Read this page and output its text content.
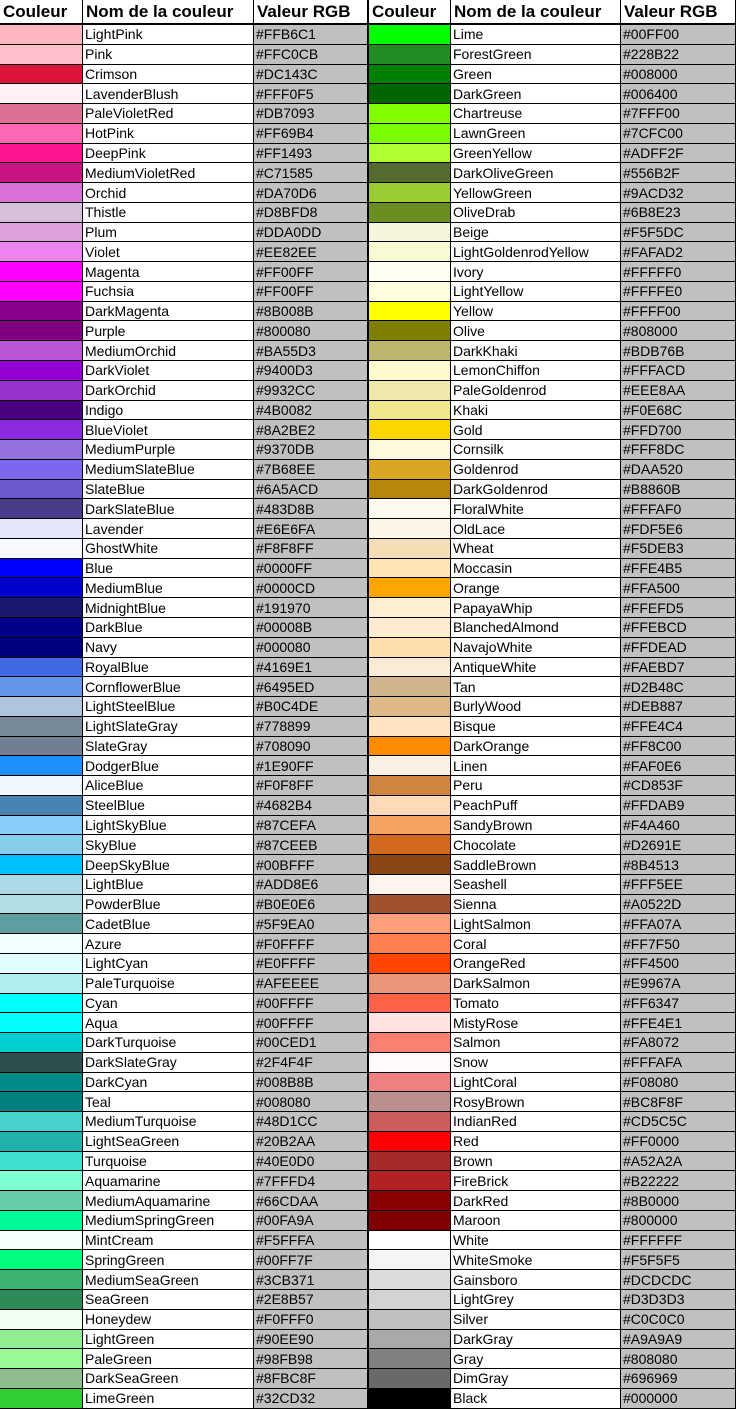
Couleur	Nom de la couleur	Valeur RGB	Couleur	Nom de la couleur	Valeur RGB
LightPink	#FFB6C1	Lime	#00FF00
Pink	#FFC0CB	ForestGreen	#228B22
Crimson	#DC143C	Green	#008000
LavenderBlush	#FFF0F5	DarkGreen	#006400
PaleVioletRed	#DB7093	Chartreuse	#7FFF00
HotPink	#FF69B4	LawnGreen	#7CFC00
DeepPink	#FF1493	GreenYellow	#ADFF2F
MediumVioletRed	#C71585	DarkOliveGreen	#556B2F
Orchid	#DA70D6	YellowGreen	#9ACD32
Thistle	#D8BFD8	OliveDrab	#6B8E23
Plum	#DDA0DD	Beige	#F5F5DC
Violet	#EE82EE	LightGoldenrodYellow	#FAFAD2
Magenta	#FF00FF	Ivory	#FFFFF0
Fuchsia	#FF00FF	LightYellow	#FFFFE0
DarkMagenta	#8B008B	Yellow	#FFFF00
Purple	#800080	Olive	#808000
MediumOrchid	#BA55D3	DarkKhaki	#BDB76B
DarkViolet	#9400D3	LemonChiffon	#FFFACD
DarkOrchid	#9932CC	PaleGoldenrod	#EEE8AA
Indigo	#4B0082	Khaki	#F0E68C
BlueViolet	#8A2BE2	Gold	#FFD700
MediumPurple	#9370DB	Cornsilk	#FFF8DC
MediumSlateBlue	#7B68EE	Goldenrod	#DAA520
SlateBlue	#6A5ACD	DarkGoldenrod	#B8860B
DarkSlateBlue	#483D8B	FloralWhite	#FFFAF0
Lavender	#E6E6FA	OldLace	#FDF5E6
GhostWhite	#F8F8FF	Wheat	#F5DEB3
Blue	#0000FF	Moccasin	#FFE4B5
MediumBlue	#0000CD	Orange	#FFA500
MidnightBlue	#191970	PapayaWhip	#FFEFD5
DarkBlue	#00008B	BlanchedAlmond	#FFEBCD
Navy	#000080	NavajoWhite	#FFDEAD
RoyalBlue	#4169E1	AntiqueWhite	#FAEBD7
CornflowerBlue	#6495ED	Tan	#D2B48C
LightSteelBlue	#B0C4DE	BurlyWood	#DEB887
LightSlateGray	#778899	Bisque	#FFE4C4
SlateGray	#708090	DarkOrange	#FF8C00
DodgerBlue	#1E90FF	Linen	#FAF0E6
AliceBlue	#F0F8FF	Peru	#CD853F
SteelBlue	#4682B4	PeachPuff	#FFDAB9
LightSkyBlue	#87CEFA	SandyBrown	#F4A460
SkyBlue	#87CEEB	Chocolate	#D2691E
DeepSkyBlue	#00BFFF	SaddleBrown	#8B4513
LightBlue	#ADD8E6	Seashell	#FFF5EE
PowderBlue	#B0E0E6	Sienna	#A0522D
CadetBlue	#5F9EA0	LightSalmon	#FFA07A
Azure	#F0FFFF	Coral	#FF7F50
LightCyan	#E0FFFF	OrangeRed	#FF4500
PaleTurquoise	#AFEEEE	DarkSalmon	#E9967A
Cyan	#00FFFF	Tomato	#FF6347
Aqua	#00FFFF	MistyRose	#FFE4E1
DarkTurquoise	#00CED1	Salmon	#FA8072
DarkSlateGray	#2F4F4F	Snow	#FFFAFA
DarkCyan	#008B8B	LightCoral	#F08080
Teal	#008080	RosyBrown	#BC8F8F
MediumTurquoise	#48D1CC	IndianRed	#CD5C5C
LightSeaGreen	#20B2AA	Red	#FF0000
Turquoise	#40E0D0	Brown	#A52A2A
Aquamarine	#7FFFD4	FireBrick	#B22222
MediumAquamarine	#66CDAA	DarkRed	#8B0000
MediumSpringGreen	#00FA9A	Maroon	#800000
MintCream	#F5FFFA	White	#FFFFFF
SpringGreen	#00FF7F	WhiteSmoke	#F5F5F5
MediumSeaGreen	#3CB371	Gainsboro	#DCDCDC
SeaGreen	#2E8B57	LightGrey	#D3D3D3
Honeydew	#F0FFF0	Silver	#C0C0C0
LightGreen	#90EE90	DarkGray	#A9A9A9
PaleGreen	#98FB98	Gray	#808080
DarkSeaGreen	#8FBC8F	DimGray	#696969
LimeGreen	#32CD32	Black	#000000
